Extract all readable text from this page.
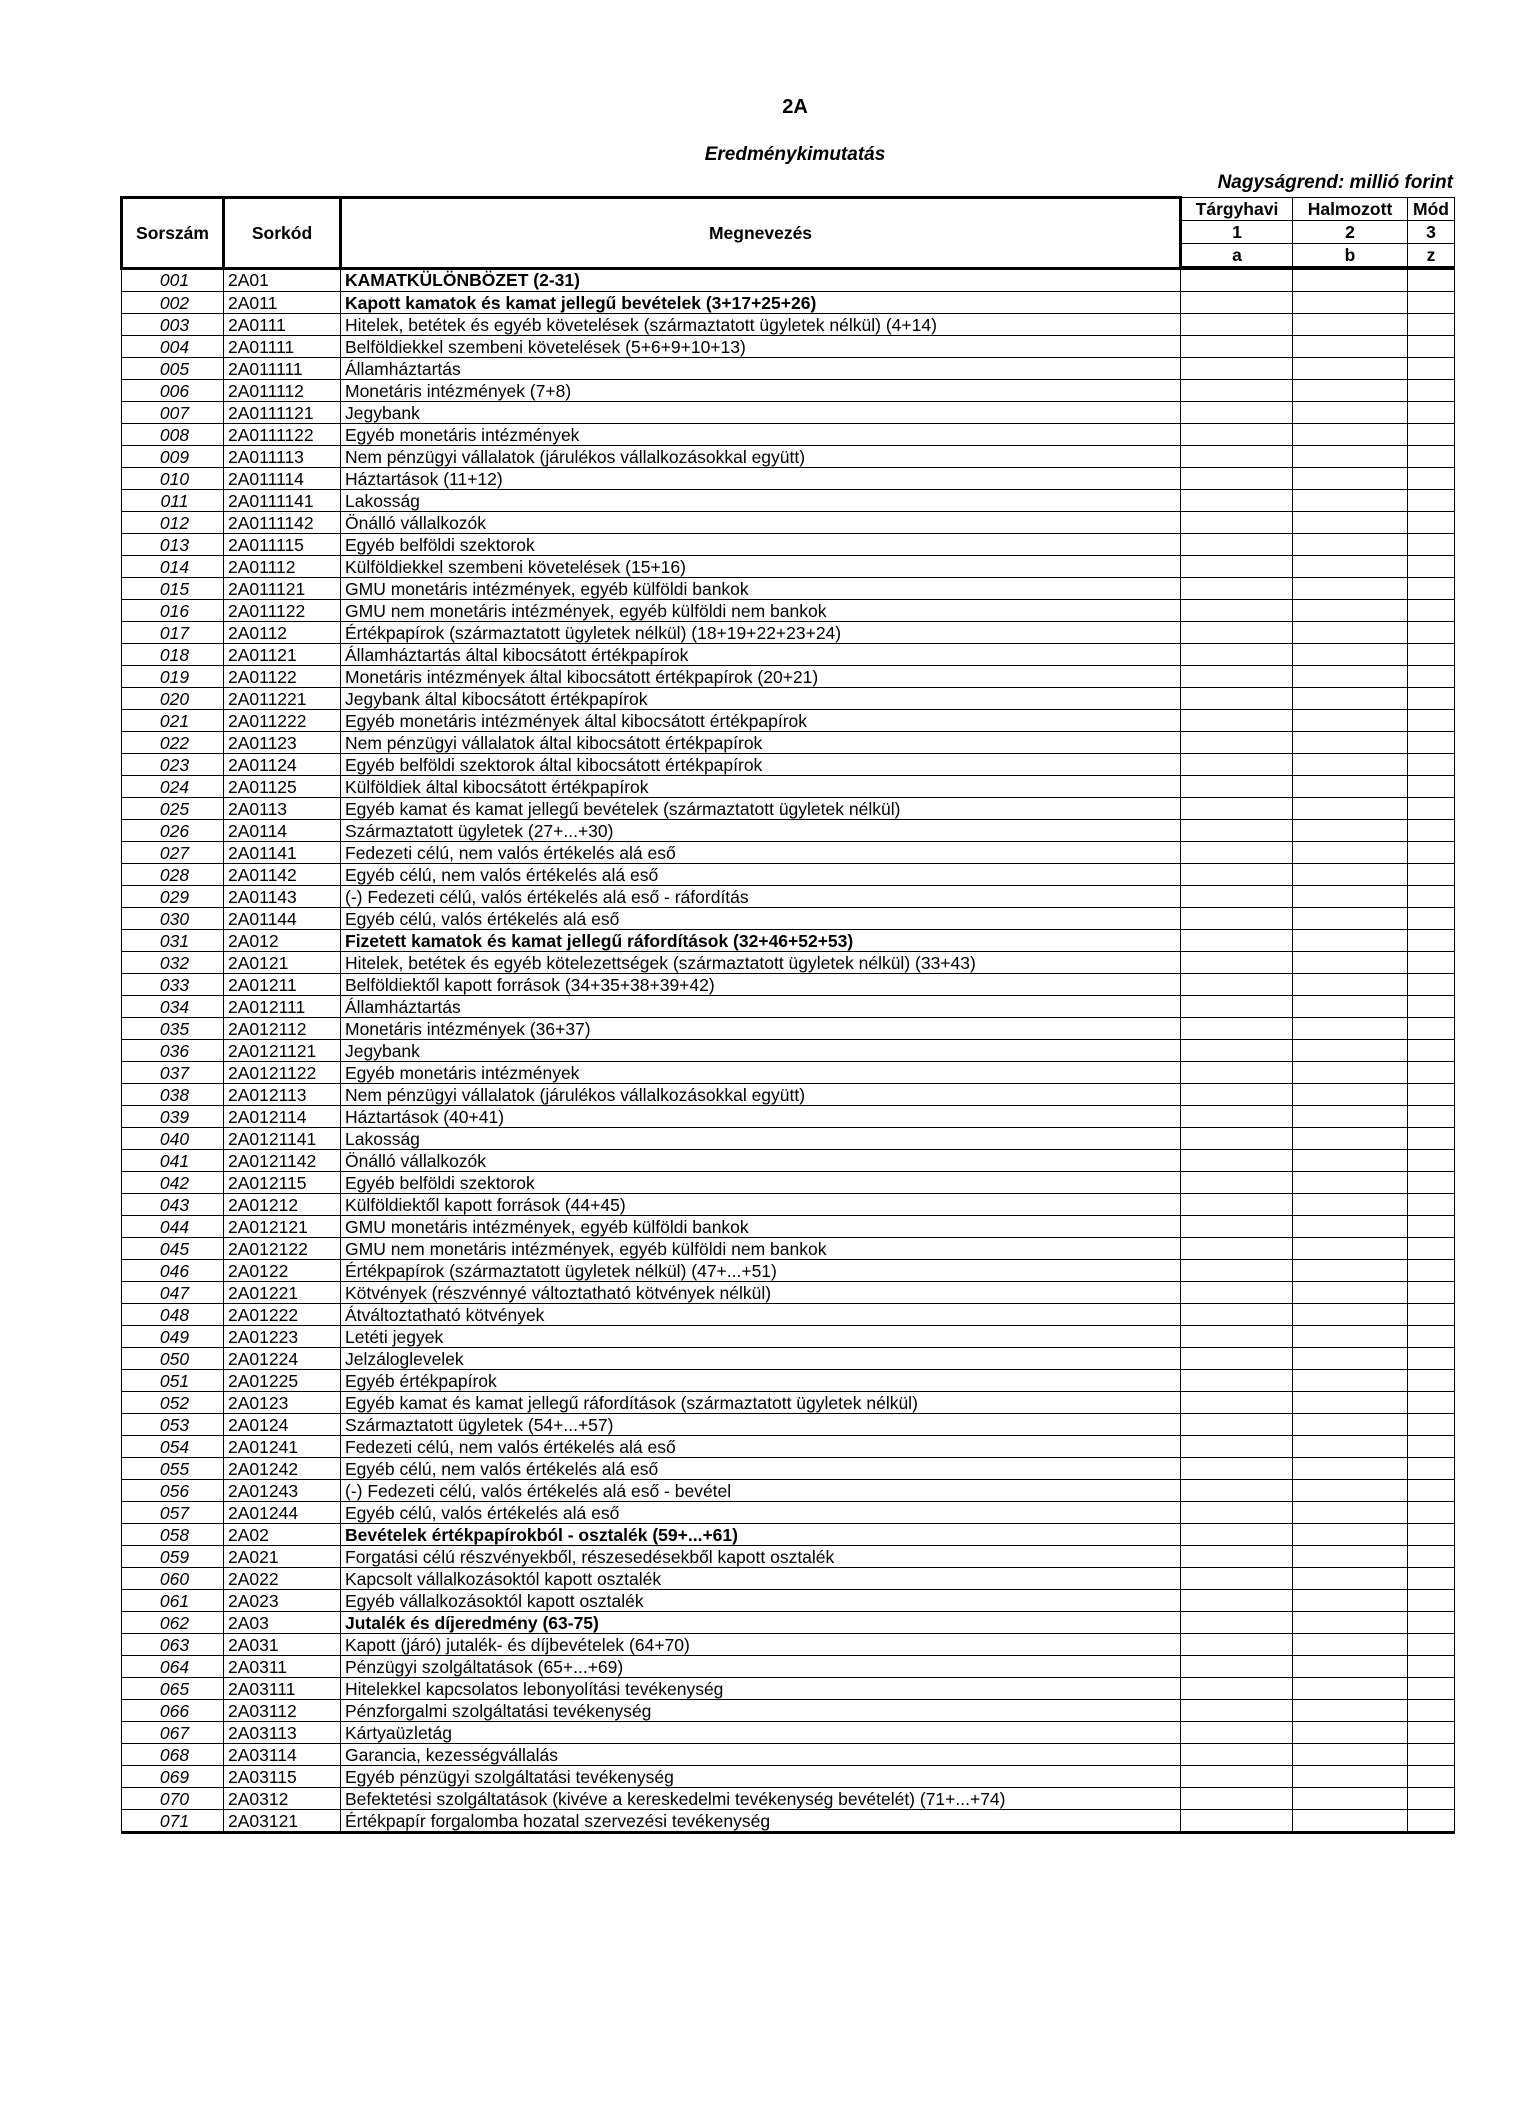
2A
Eredménykimutatás
Nagyságrend: millió forint
Sorszám	Sorkód	Megnevezés	Tárgyhavi	Halmozott	Mód
			1	2	3
			a	b	z
001	2A01	KAMATKÜLÖNBÖZET (2-31)			
002	2A011	Kapott kamatok és kamat jellegű bevételek (3+17+25+26)			
003	2A0111	Hitelek, betétek és egyéb követelések (származtatott ügyletek nélkül) (4+14)			
004	2A01111	Belföldiekkel szembeni követelések (5+6+9+10+13)			
005	2A011111	Államháztartás			
006	2A011112	Monetáris intézmények (7+8)			
007	2A0111121	Jegybank			
008	2A0111122	Egyéb monetáris intézmények			
009	2A011113	Nem pénzügyi vállalatok (járulékos vállalkozásokkal együtt)			
010	2A011114	Háztartások (11+12)			
011	2A0111141	Lakosság			
012	2A0111142	Önálló vállalkozók			
013	2A011115	Egyéb belföldi szektorok			
014	2A01112	Külföldiekkel szembeni követelések (15+16)			
015	2A011121	GMU monetáris intézmények, egyéb külföldi bankok			
016	2A011122	GMU nem monetáris intézmények, egyéb külföldi nem bankok			
017	2A0112	Értékpapírok (származtatott ügyletek nélkül) (18+19+22+23+24)			
018	2A01121	Államháztartás által kibocsátott értékpapírok			
019	2A01122	Monetáris intézmények által kibocsátott értékpapírok (20+21)			
020	2A011221	Jegybank által kibocsátott értékpapírok			
021	2A011222	Egyéb monetáris intézmények által kibocsátott értékpapírok			
022	2A01123	Nem pénzügyi vállalatok által kibocsátott értékpapírok			
023	2A01124	Egyéb belföldi szektorok által kibocsátott értékpapírok			
024	2A01125	Külföldiek által kibocsátott értékpapírok			
025	2A0113	Egyéb kamat és kamat jellegű bevételek (származtatott ügyletek nélkül)			
026	2A0114	Származtatott ügyletek (27+...+30)			
027	2A01141	Fedezeti célú, nem valós értékelés alá eső			
028	2A01142	Egyéb célú, nem valós értékelés alá eső			
029	2A01143	(-) Fedezeti célú, valós értékelés alá eső - ráfordítás			
030	2A01144	Egyéb célú, valós értékelés alá eső			
031	2A012	Fizetett kamatok és kamat jellegű ráfordítások (32+46+52+53)			
032	2A0121	Hitelek, betétek és egyéb kötelezettségek (származtatott ügyletek nélkül) (33+43)			
033	2A01211	Belföldiektől kapott források (34+35+38+39+42)			
034	2A012111	Államháztartás			
035	2A012112	Monetáris intézmények (36+37)			
036	2A0121121	Jegybank			
037	2A0121122	Egyéb monetáris intézmények			
038	2A012113	Nem pénzügyi vállalatok (járulékos vállalkozásokkal együtt)			
039	2A012114	Háztartások (40+41)			
040	2A0121141	Lakosság			
041	2A0121142	Önálló vállalkozók			
042	2A012115	Egyéb belföldi szektorok			
043	2A01212	Külföldiektől kapott források (44+45)			
044	2A012121	GMU monetáris intézmények, egyéb külföldi bankok			
045	2A012122	GMU nem monetáris intézmények, egyéb külföldi nem bankok			
046	2A0122	Értékpapírok (származtatott ügyletek nélkül) (47+...+51)			
047	2A01221	Kötvények (részvénnyé változtatható kötvények nélkül)			
048	2A01222	Átváltoztatható kötvények			
049	2A01223	Letéti jegyek			
050	2A01224	Jelzáloglevelek			
051	2A01225	Egyéb értékpapírok			
052	2A0123	Egyéb kamat és kamat jellegű ráfordítások (származtatott ügyletek nélkül)			
053	2A0124	Származtatott ügyletek (54+...+57)			
054	2A01241	Fedezeti célú, nem valós értékelés alá eső			
055	2A01242	Egyéb célú, nem valós értékelés alá eső			
056	2A01243	(-) Fedezeti célú, valós értékelés alá eső - bevétel			
057	2A01244	Egyéb célú, valós értékelés alá eső			
058	2A02	Bevételek értékpapírokból - osztalék (59+...+61)			
059	2A021	Forgatási célú részvényekből, részesedésekből kapott osztalék			
060	2A022	Kapcsolt vállalkozásoktól kapott osztalék			
061	2A023	Egyéb vállalkozásoktól kapott osztalék			
062	2A03	Jutalék és díjeredmény (63-75)			
063	2A031	Kapott (járó) jutalék- és díjbevételek (64+70)			
064	2A0311	Pénzügyi szolgáltatások (65+...+69)			
065	2A03111	Hitelekkel kapcsolatos lebonyolítási tevékenység			
066	2A03112	Pénzforgalmi szolgáltatási tevékenység			
067	2A03113	Kártyaüzletág			
068	2A03114	Garancia, kezességvállalás			
069	2A03115	Egyéb pénzügyi szolgáltatási tevékenység			
070	2A0312	Befektetési szolgáltatások (kivéve a kereskedelmi tevékenység bevételét) (71+...+74)			
071	2A03121	Értékpapír forgalomba hozatal szervezési tevékenység			
